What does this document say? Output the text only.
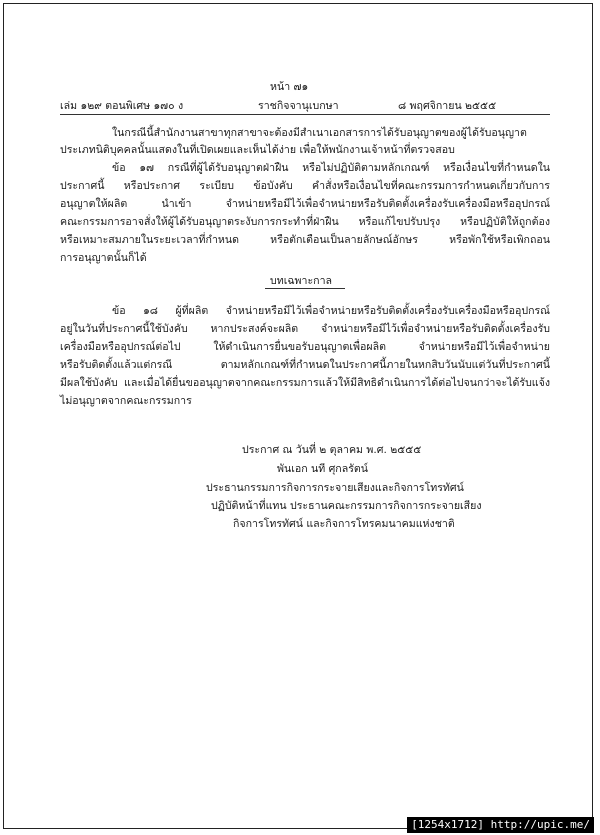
หน้า ๗๑
เล่ม ๑๒๙ ตอนพิเศษ ๑๗๐ ง	ราชกิจจานุเบกษา	๘ พฤศจิกายน ๒๕๕๕
ในกรณีนี้สำนักงานสาขาทุกสาขาจะต้องมีสำเนาเอกสารการได้รับอนุญาตของผู้ได้รับอนุญาต
ประเภทนิติบุคคลนั้นแสดงในที่เปิดเผยและเห็นได้ง่าย เพื่อให้พนักงานเจ้าหน้าที่ตรวจสอบ
ข้อ ๑๗ กรณีที่ผู้ได้รับอนุญาตฝ่าฝืน หรือไม่ปฏิบัติตามหลักเกณฑ์ หรือเงื่อนไขที่กำหนดใน
ประกาศนี้ หรือประกาศ ระเบียบ ข้อบังคับ คำสั่งหรือเงื่อนไขที่คณะกรรมการกำหนดเกี่ยวกับการ
อนุญาตให้ผลิต นำเข้า จำหน่ายหรือมีไว้เพื่อจำหน่ายหรือรับติดตั้งเครื่องรับเครื่องมือหรืออุปกรณ์
คณะกรรมการอาจสั่งให้ผู้ได้รับอนุญาตระงับการกระทำที่ฝ่าฝืน หรือแก้ไขปรับปรุง หรือปฏิบัติให้ถูกต้อง
หรือเหมาะสมภายในระยะเวลาที่กำหนด หรือตักเตือนเป็นลายลักษณ์อักษร หรือพักใช้หรือเพิกถอน
การอนุญาตนั้นก็ได้
บทเฉพาะกาล
ข้อ ๑๘ ผู้ที่ผลิต จำหน่ายหรือมีไว้เพื่อจำหน่ายหรือรับติดตั้งเครื่องรับเครื่องมือหรืออุปกรณ์
อยู่ในวันที่ประกาศนี้ใช้บังคับ หากประสงค์จะผลิต จำหน่ายหรือมีไว้เพื่อจำหน่ายหรือรับติดตั้งเครื่องรับ
เครื่องมือหรืออุปกรณ์ต่อไป ให้ดำเนินการยื่นขอรับอนุญาตเพื่อผลิต จำหน่ายหรือมีไว้เพื่อจำหน่าย
หรือรับติดตั้งแล้วแต่กรณี ตามหลักเกณฑ์ที่กำหนดในประกาศนี้ภายในหกสิบวันนับแต่วันที่ประกาศนี้
มีผลใช้บังคับ และเมื่อได้ยื่นขออนุญาตจากคณะกรรมการแล้วให้มีสิทธิดำเนินการได้ต่อไปจนกว่าจะได้รับแจ้ง
ไม่อนุญาตจากคณะกรรมการ
ประกาศ ณ วันที่ ๒ ตุลาคม พ.ศ. ๒๕๕๕
พันเอก นที ศุกลรัตน์
ประธานกรรมการกิจการกระจายเสียงและกิจการโทรทัศน์
ปฏิบัติหน้าที่แทน ประธานคณะกรรมการกิจการกระจายเสียง
กิจการโทรทัศน์ และกิจการโทรคมนาคมแห่งชาติ
[1254x1712] http://upic.me/
